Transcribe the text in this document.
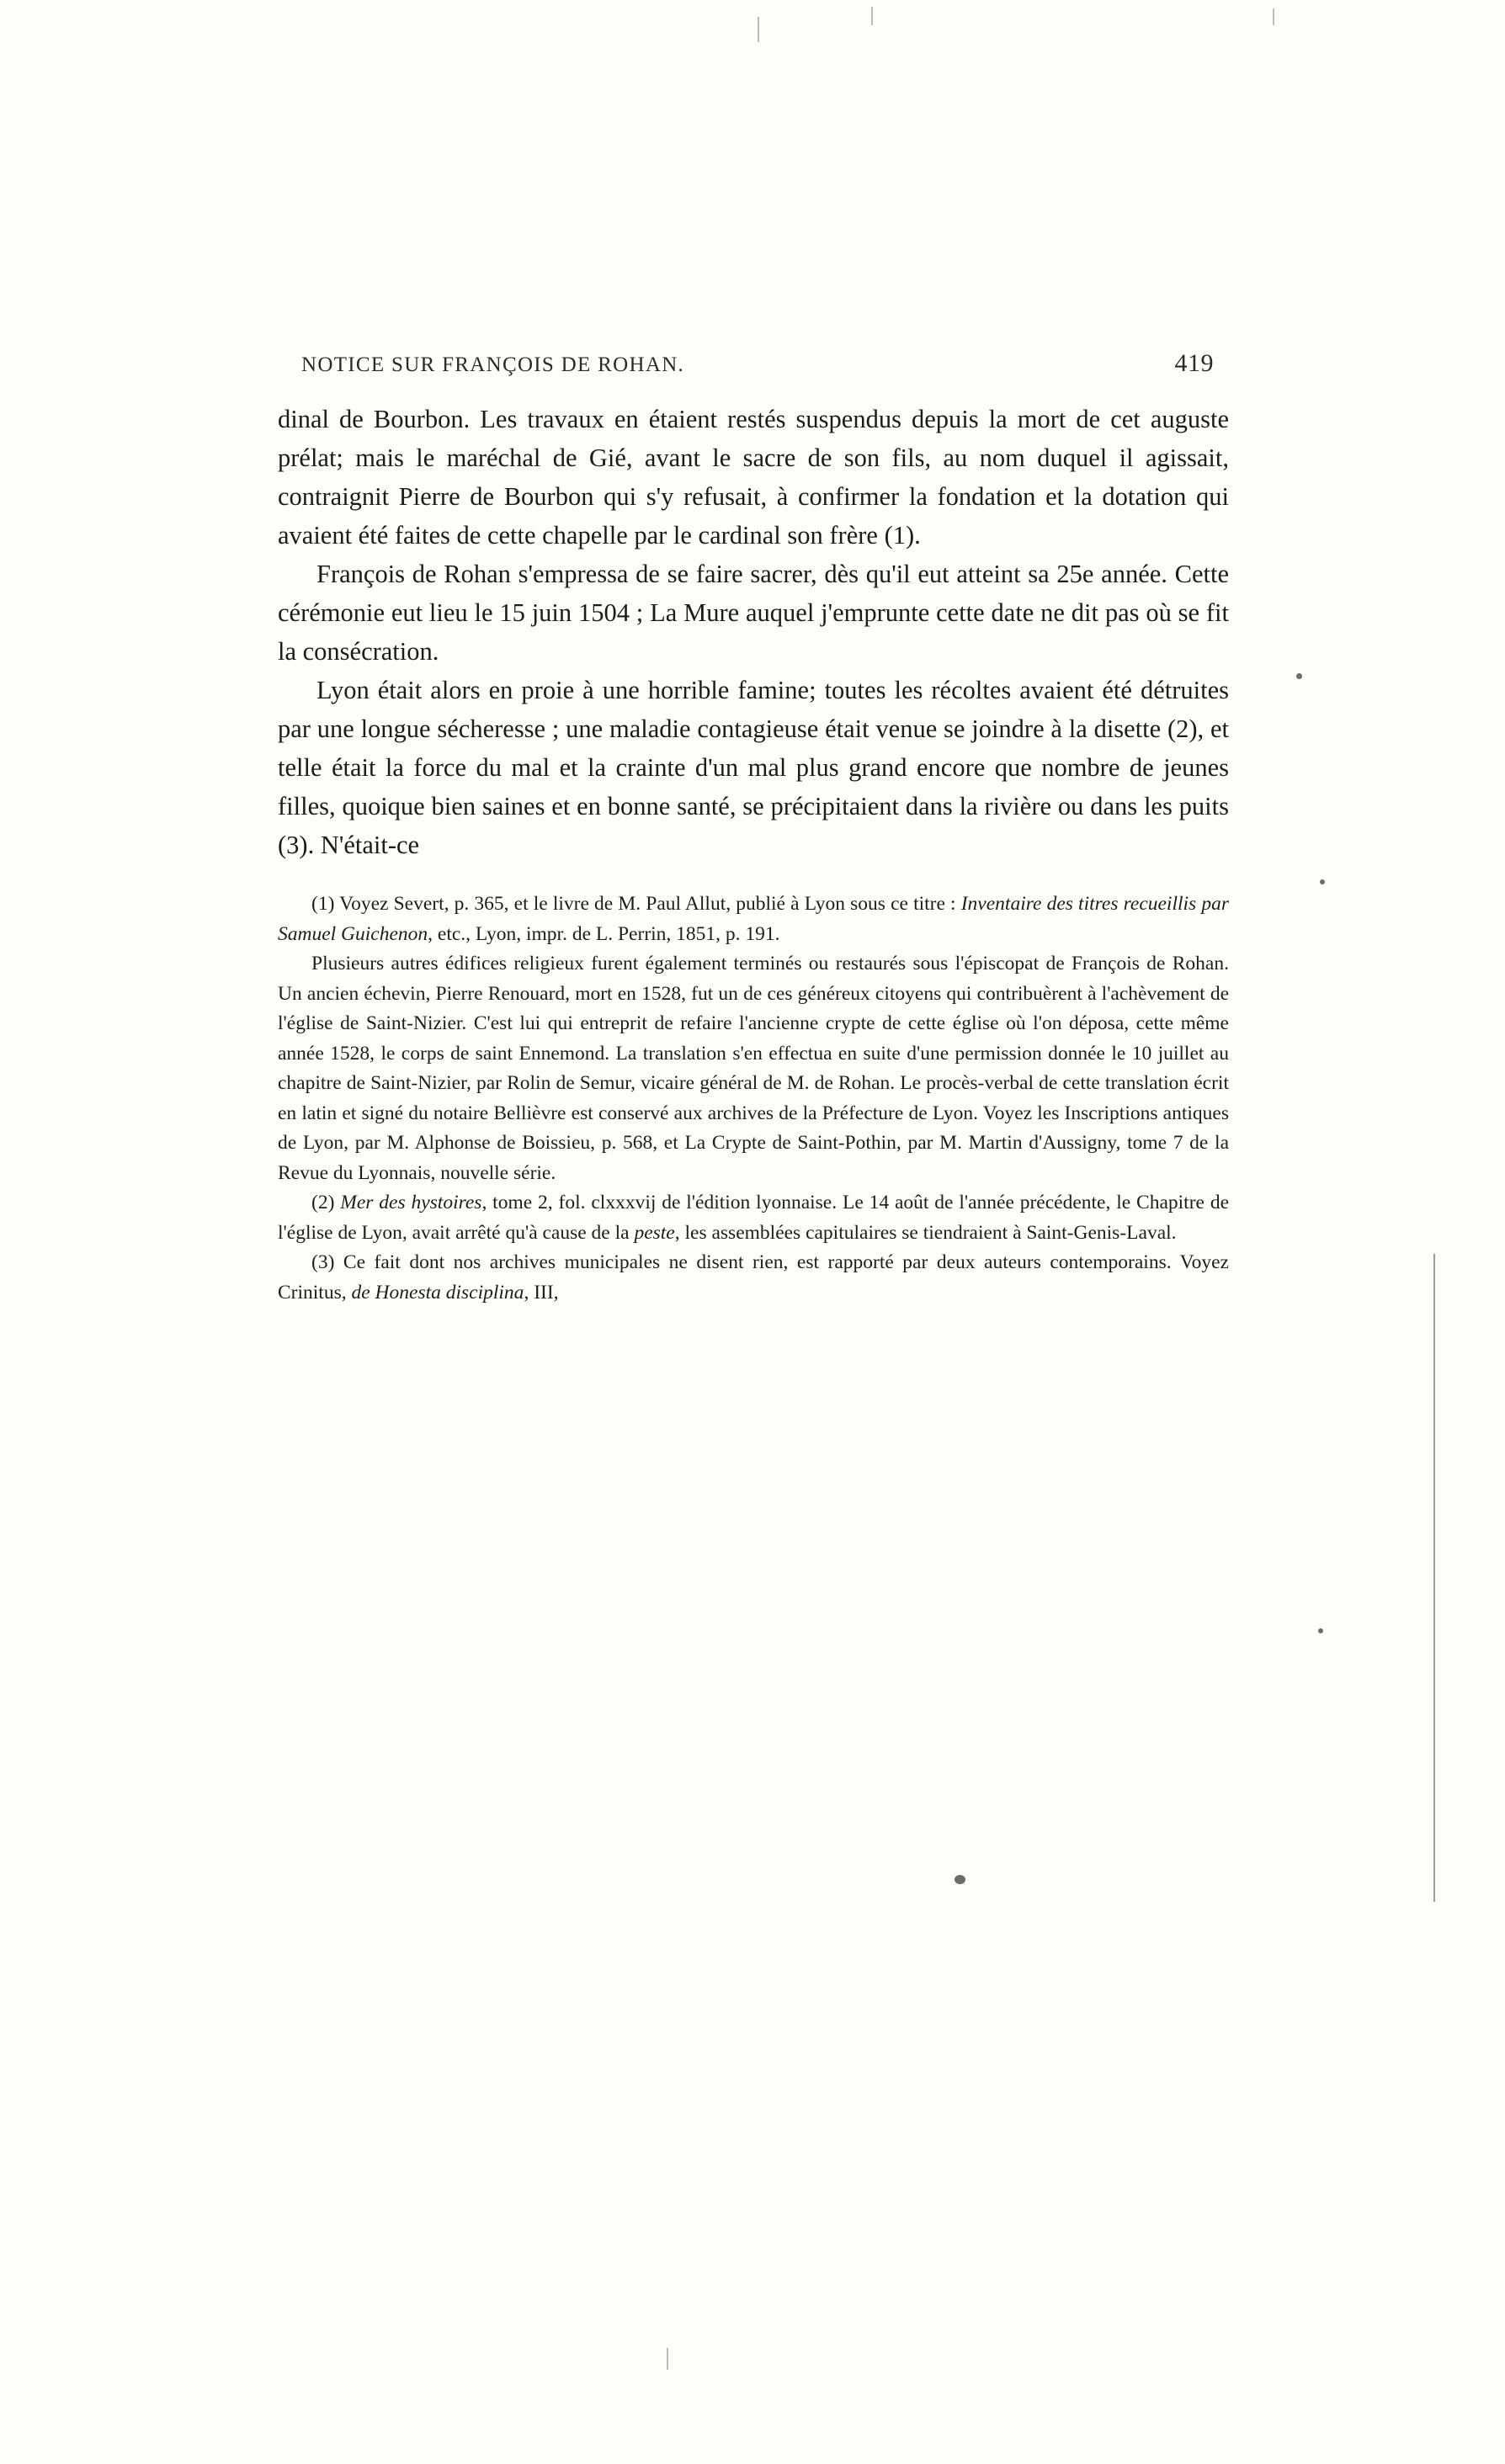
NOTICE SUR FRANÇOIS DE ROHAN.	419

dinal de Bourbon. Les travaux en étaient restés suspendus depuis la mort de cet auguste prélat; mais le maréchal de Gié, avant le sacre de son fils, au nom duquel il agissait, contraignit Pierre de Bourbon qui s'y refusait, à confirmer la fondation et la dotation qui avaient été faites de cette chapelle par le cardinal son frère (1).

François de Rohan s'empressa de se faire sacrer, dès qu'il eut atteint sa 25e année. Cette cérémonie eut lieu le 15 juin 1504 ; La Mure auquel j'emprunte cette date ne dit pas où se fit la consécration.

Lyon était alors en proie à une horrible famine; toutes les récoltes avaient été détruites par une longue sécheresse ; une maladie contagieuse était venue se joindre à la disette (2), et telle était la force du mal et la crainte d'un mal plus grand encore que nombre de jeunes filles, quoique bien saines et en bonne santé, se précipitaient dans la rivière ou dans les puits (3). N'était-ce

(1) Voyez Severt, p. 365, et le livre de M. Paul Allut, publié à Lyon sous ce titre : Inventaire des titres recueillis par Samuel Guichenon, etc., Lyon, impr. de L. Perrin, 1851, p. 191.

Plusieurs autres édifices religieux furent également terminés ou restaurés sous l'épiscopat de François de Rohan. Un ancien échevin, Pierre Renouard, mort en 1528, fut un de ces généreux citoyens qui contribuèrent à l'achèvement de l'église de Saint-Nizier. C'est lui qui entreprit de refaire l'ancienne crypte de cette église où l'on déposa, cette même année 1528, le corps de saint Ennemond. La translation s'en effectua en suite d'une permission donnée le 10 juillet au chapitre de Saint-Nizier, par Rolin de Semur, vicaire général de M. de Rohan. Le procès-verbal de cette translation écrit en latin et signé du notaire Bellièvre est conservé aux archives de la Préfecture de Lyon. Voyez les Inscriptions antiques de Lyon, par M. Alphonse de Boissieu, p. 568, et La Crypte de Saint-Pothin, par M. Martin d'Aussigny, tome 7 de la Revue du Lyonnais, nouvelle série.

(2) Mer des hystoires, tome 2, fol. clxxxvij de l'édition lyonnaise. Le 14 août de l'année précédente, le Chapitre de l'église de Lyon, avait arrêté qu'à cause de la peste, les assemblées capitulaires se tiendraient à Saint-Genis-Laval.

(3) Ce fait dont nos archives municipales ne disent rien, est rapporté par deux auteurs contemporains. Voyez Crinitus, de Honesta disciplina, III,
